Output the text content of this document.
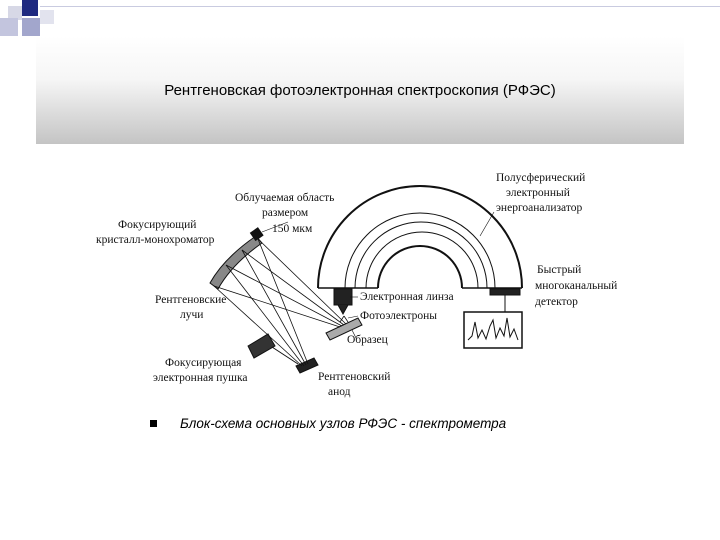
Рентгеновская фотоэлектронная спектроскопия (РФЭС)
Полусферический
электронный
энергоанализатор
Облучаемая область
размером
150 мкм
Фокусирующий
кристалл-монохроматор
Быстрый
многоканальный
детектор
Рентгеновские
лучи
Электронная линза
Фотоэлектроны
Образец
Фокусирующая
электронная пушка	Рентгеновский
анод
Блок-схема основных узлов РФЭС - спектрометра
